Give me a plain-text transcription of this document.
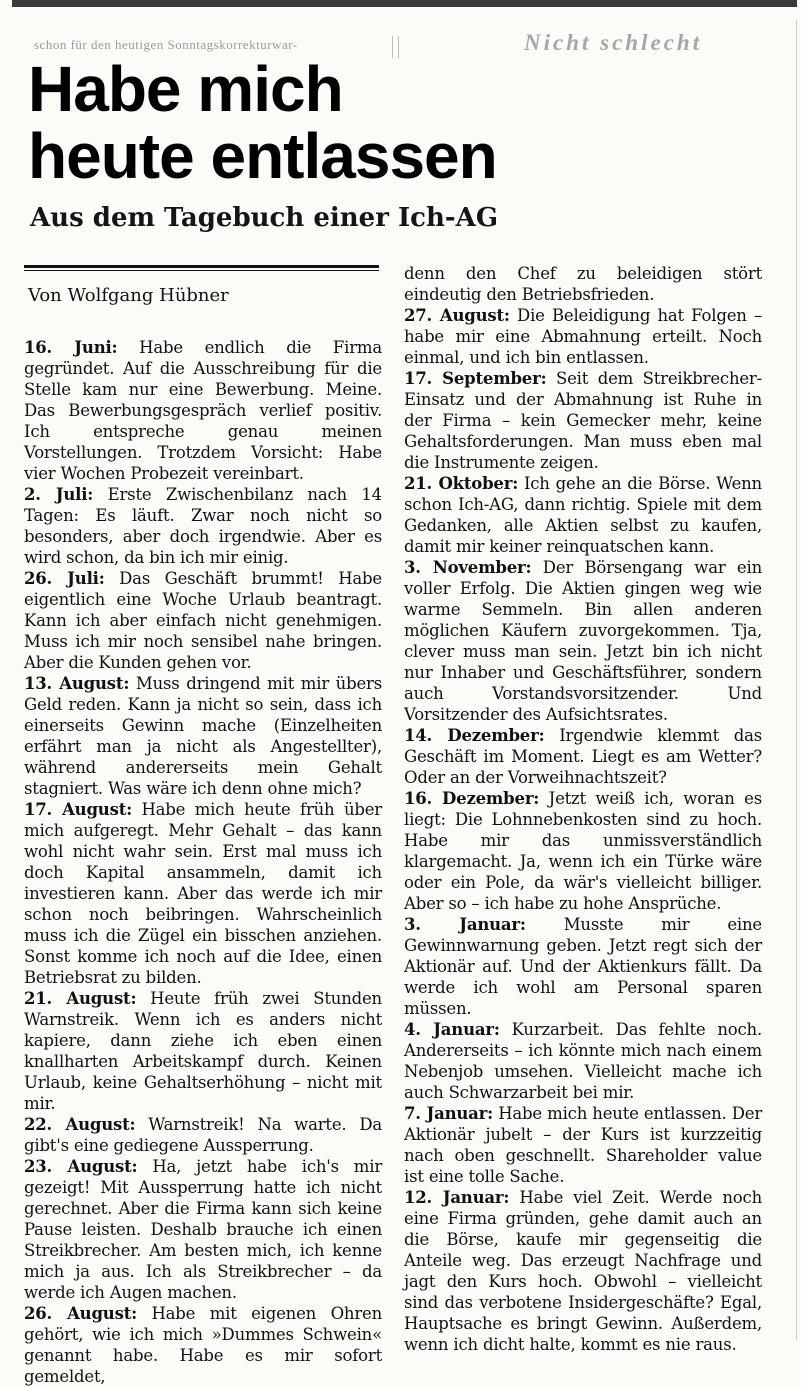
schon für den heutigen Sonntagskorrekturwar-	Nicht schlecht
Habe mich
heute entlassen
Aus dem Tagebuch einer Ich-AG
Von Wolfgang Hübner

16. Juni: Habe endlich die Firma gegründet. Auf die Ausschreibung für die Stelle kam nur eine Bewerbung. Meine. Das Bewerbungsgespräch verlief positiv. Ich entspreche genau meinen Vorstellungen. Trotzdem Vorsicht: Habe vier Wochen Probezeit vereinbart.

2. Juli: Erste Zwischenbilanz nach 14 Tagen: Es läuft. Zwar noch nicht so besonders, aber doch irgendwie. Aber es wird schon, da bin ich mir einig.

26. Juli: Das Geschäft brummt! Habe eigentlich eine Woche Urlaub beantragt. Kann ich aber einfach nicht genehmigen. Muss ich mir noch sensibel nahe bringen. Aber die Kunden gehen vor.

13. August: Muss dringend mit mir übers Geld reden. Kann ja nicht so sein, dass ich einerseits Gewinn mache (Einzelheiten erfährt man ja nicht als Angestellter), während andererseits mein Gehalt stagniert. Was wäre ich denn ohne mich?

17. August: Habe mich heute früh über mich aufgeregt. Mehr Gehalt – das kann wohl nicht wahr sein. Erst mal muss ich doch Kapital ansammeln, damit ich investieren kann. Aber das werde ich mir schon noch beibringen. Wahrscheinlich muss ich die Zügel ein bisschen anziehen. Sonst komme ich noch auf die Idee, einen Betriebsrat zu bilden.

21. August: Heute früh zwei Stunden Warnstreik. Wenn ich es anders nicht kapiere, dann ziehe ich eben einen knallharten Arbeitskampf durch. Keinen Urlaub, keine Gehaltserhöhung – nicht mit mir.

22. August: Warnstreik! Na warte. Da gibt's eine gediegene Aussperrung.

23. August: Ha, jetzt habe ich's mir gezeigt! Mit Aussperrung hatte ich nicht gerechnet. Aber die Firma kann sich keine Pause leisten. Deshalb brauche ich einen Streikbrecher. Am besten mich, ich kenne mich ja aus. Ich als Streikbrecher – da werde ich Augen machen.

26. August: Habe mit eigenen Ohren gehört, wie ich mich »Dummes Schwein« genannt habe. Habe es mir sofort gemeldet,

denn den Chef zu beleidigen stört eindeutig den Betriebsfrieden.

27. August: Die Beleidigung hat Folgen – habe mir eine Abmahnung erteilt. Noch einmal, und ich bin entlassen.

17. September: Seit dem Streikbrecher-Einsatz und der Abmahnung ist Ruhe in der Firma – kein Gemecker mehr, keine Gehaltsforderungen. Man muss eben mal die Instrumente zeigen.

21. Oktober: Ich gehe an die Börse. Wenn schon Ich-AG, dann richtig. Spiele mit dem Gedanken, alle Aktien selbst zu kaufen, damit mir keiner reinquatschen kann.

3. November: Der Börsengang war ein voller Erfolg. Die Aktien gingen weg wie warme Semmeln. Bin allen anderen möglichen Käufern zuvorgekommen. Tja, clever muss man sein. Jetzt bin ich nicht nur Inhaber und Geschäftsführer, sondern auch Vorstandsvorsitzender. Und Vorsitzender des Aufsichtsrates.

14. Dezember: Irgendwie klemmt das Geschäft im Moment. Liegt es am Wetter? Oder an der Vorweihnachtszeit?

16. Dezember: Jetzt weiß ich, woran es liegt: Die Lohnnebenkosten sind zu hoch. Habe mir das unmissverständlich klargemacht. Ja, wenn ich ein Türke wäre oder ein Pole, da wär's vielleicht billiger. Aber so – ich habe zu hohe Ansprüche.

3. Januar: Musste mir eine Gewinnwarnung geben. Jetzt regt sich der Aktionär auf. Und der Aktienkurs fällt. Da werde ich wohl am Personal sparen müssen.

4. Januar: Kurzarbeit. Das fehlte noch. Andererseits – ich könnte mich nach einem Nebenjob umsehen. Vielleicht mache ich auch Schwarzarbeit bei mir.

7. Januar: Habe mich heute entlassen. Der Aktionär jubelt – der Kurs ist kurzzeitig nach oben geschnellt. Shareholder value ist eine tolle Sache.

12. Januar: Habe viel Zeit. Werde noch eine Firma gründen, gehe damit auch an die Börse, kaufe mir gegenseitig die Anteile weg. Das erzeugt Nachfrage und jagt den Kurs hoch. Obwohl – vielleicht sind das verbotene Insidergeschäfte? Egal, Hauptsache es bringt Gewinn. Außerdem, wenn ich dicht halte, kommt es nie raus.
